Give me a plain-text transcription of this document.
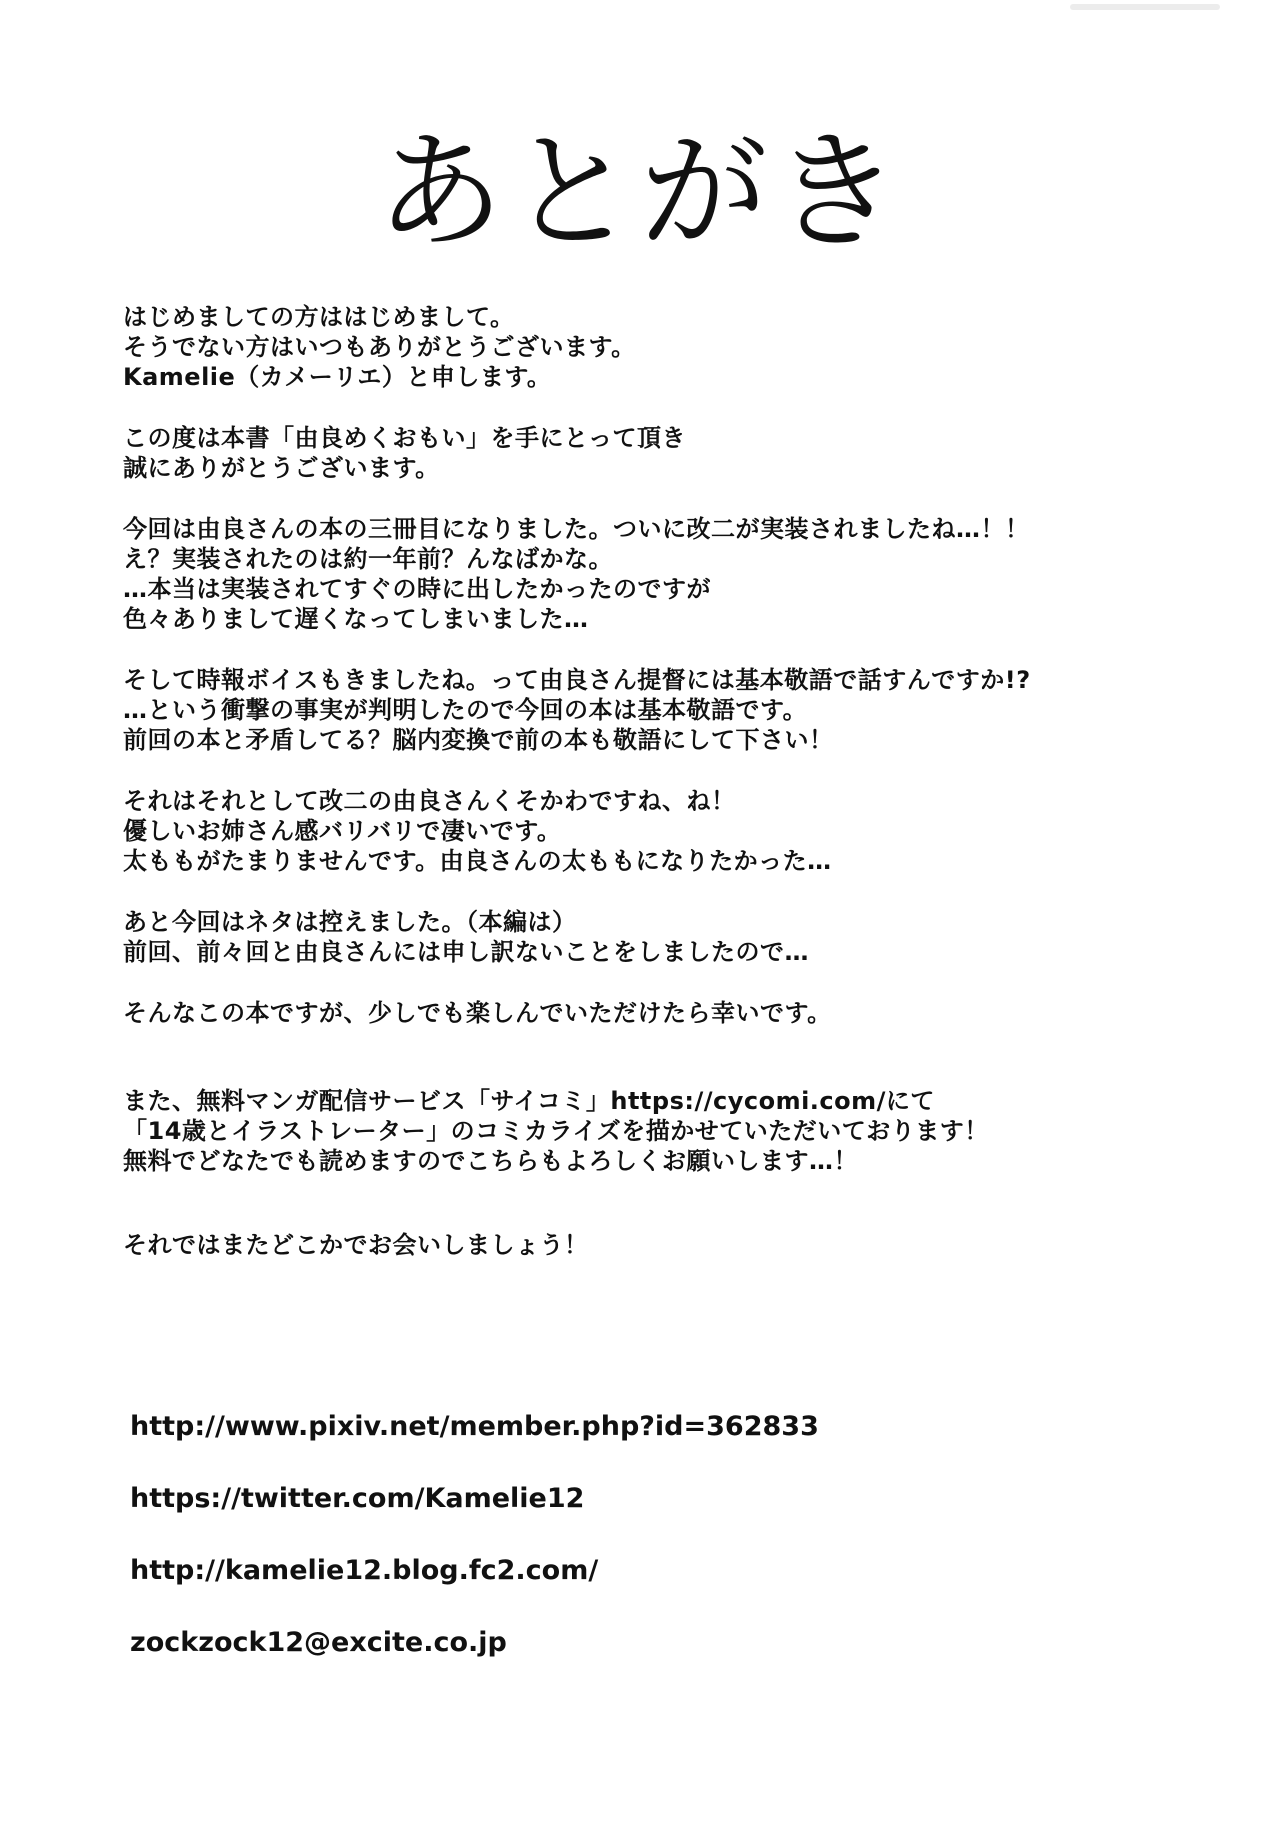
あとがき
はじめましての方ははじめまして。
そうでない方はいつもありがとうございます。
Kamelie（カメーリエ）と申します。
この度は本書「由良めくおもい」を手にとって頂き
誠にありがとうございます。
今回は由良さんの本の三冊目になりました。ついに改二が実装されましたね…！！
え？実装されたのは約一年前？んなばかな。
…本当は実装されてすぐの時に出したかったのですが
色々ありまして遅くなってしまいました…
そして時報ボイスもきましたね。って由良さん提督には基本敬語で話すんですか!?
…という衝撃の事実が判明したので今回の本は基本敬語です。
前回の本と矛盾してる？脳内変換で前の本も敬語にして下さい！
それはそれとして改二の由良さんくそかわですね、ね！
優しいお姉さん感バリバリで凄いです。
太ももがたまりませんです。由良さんの太ももになりたかった…
あと今回はネタは控えました。（本編は）
前回、前々回と由良さんには申し訳ないことをしましたので…
そんなこの本ですが、少しでも楽しんでいただけたら幸いです。
また、無料マンガ配信サービス「サイコミ」https://cycomi.com/にて
「14歳とイラストレーター」のコミカライズを描かせていただいております！
無料でどなたでも読めますのでこちらもよろしくお願いします…！
それではまたどこかでお会いしましょう！
http://www.pixiv.net/member.php?id=362833
https://twitter.com/Kamelie12
http://kamelie12.blog.fc2.com/
zockzock12@excite.co.jp
